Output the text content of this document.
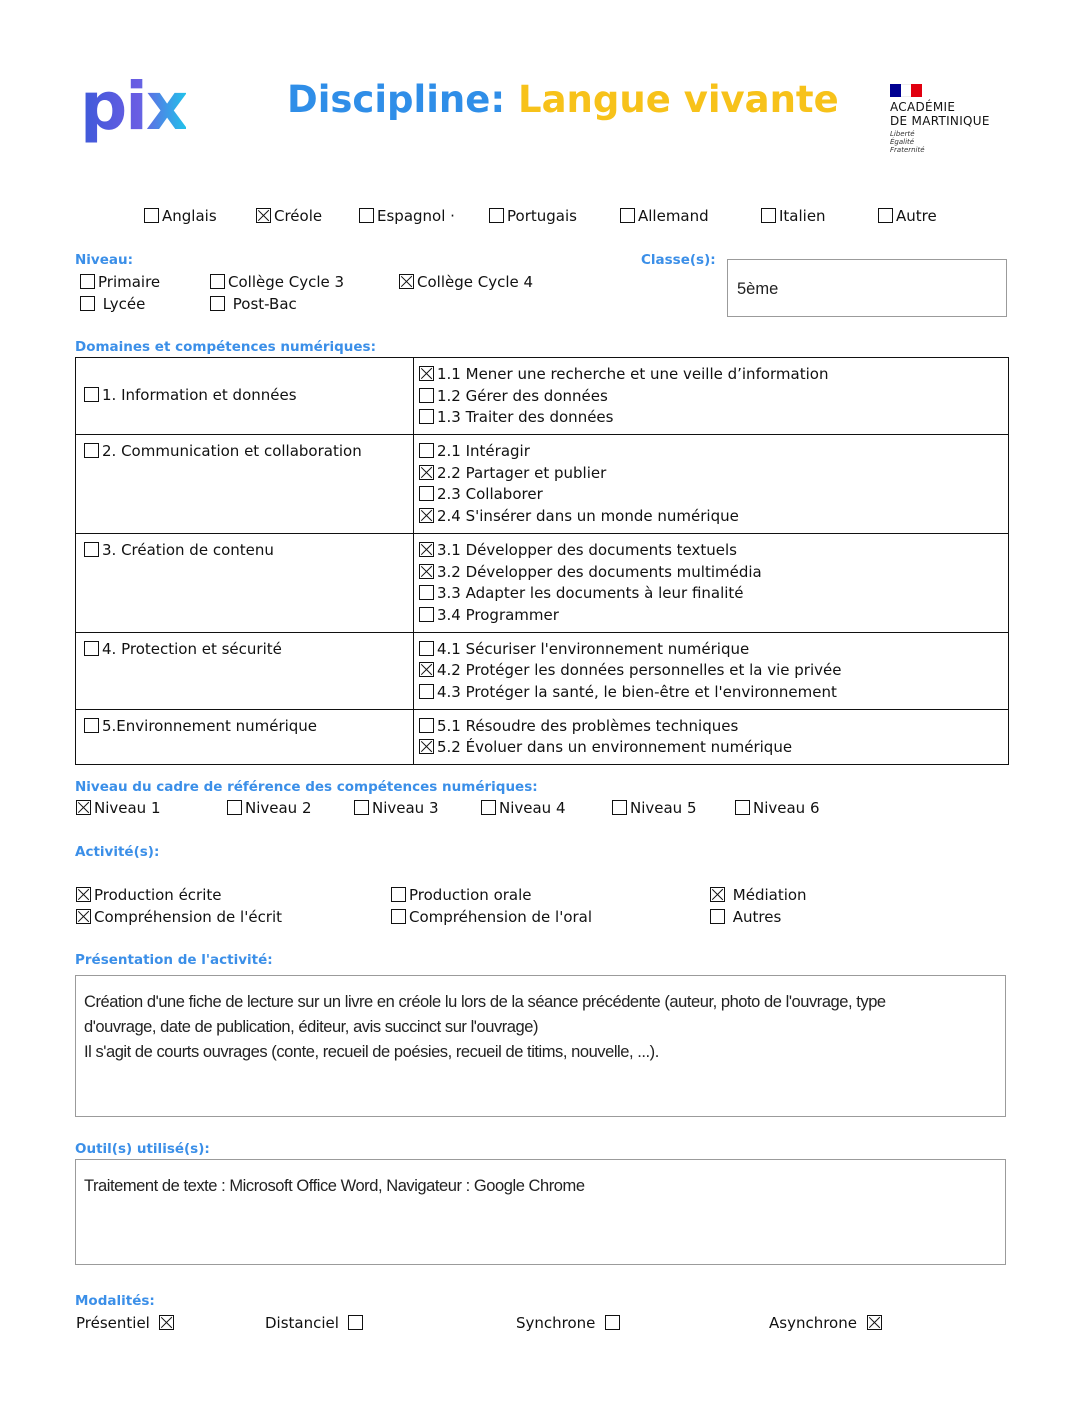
pix	Discipline: Langue vivante	ACADÉMIE
DE MARTINIQUE
Liberté
Égalité
Fraternité
Anglais	Créole	Espagnol ·	Portugais	Allemand	Italien	Autre
Niveau:
Primaire	Collège Cycle 3	Collège Cycle 4
Lycée	Post-Bac
Classe(s):
5ème
Domaines et compétences numériques:
1. Information et données	1.1 Mener une recherche et une veille d’information
1.2 Gérer des données
1.3 Traiter des données

2. Communication et collaboration	2.1 Intéragir
2.2 Partager et publier
2.3 Collaborer
2.4 S'insérer dans un monde numérique

3. Création de contenu	3.1 Développer des documents textuels
3.2 Développer des documents multimédia
3.3 Adapter les documents à leur finalité
3.4 Programmer

4. Protection et sécurité	4.1 Sécuriser l'environnement numérique
4.2 Protéger les données personnelles et la vie privée
4.3 Protéger la santé, le bien-être et l'environnement

5.Environnement numérique	5.1 Résoudre des problèmes techniques
5.2 Évoluer dans un environnement numérique
Niveau du cadre de référence des compétences numériques:
Niveau 1	Niveau 2	Niveau 3	Niveau 4	Niveau 5	Niveau 6
Activité(s):
Production écrite	Production orale	Médiation
Compréhension de l'écrit	Compréhension de l'oral	Autres
Présentation de l'activité:
Création d'une fiche de lecture sur un livre en créole lu lors de la séance précédente (auteur, photo de l'ouvrage, type
d'ouvrage, date de publication, éditeur, avis succinct sur l'ouvrage)
Il s'agit de courts ouvrages (conte, recueil de poésies, recueil de titims, nouvelle, ...).
Outil(s) utilisé(s):
Traitement de texte : Microsoft Office Word, Navigateur : Google Chrome
Modalités:
Présentiel	Distanciel	Synchrone	Asynchrone
